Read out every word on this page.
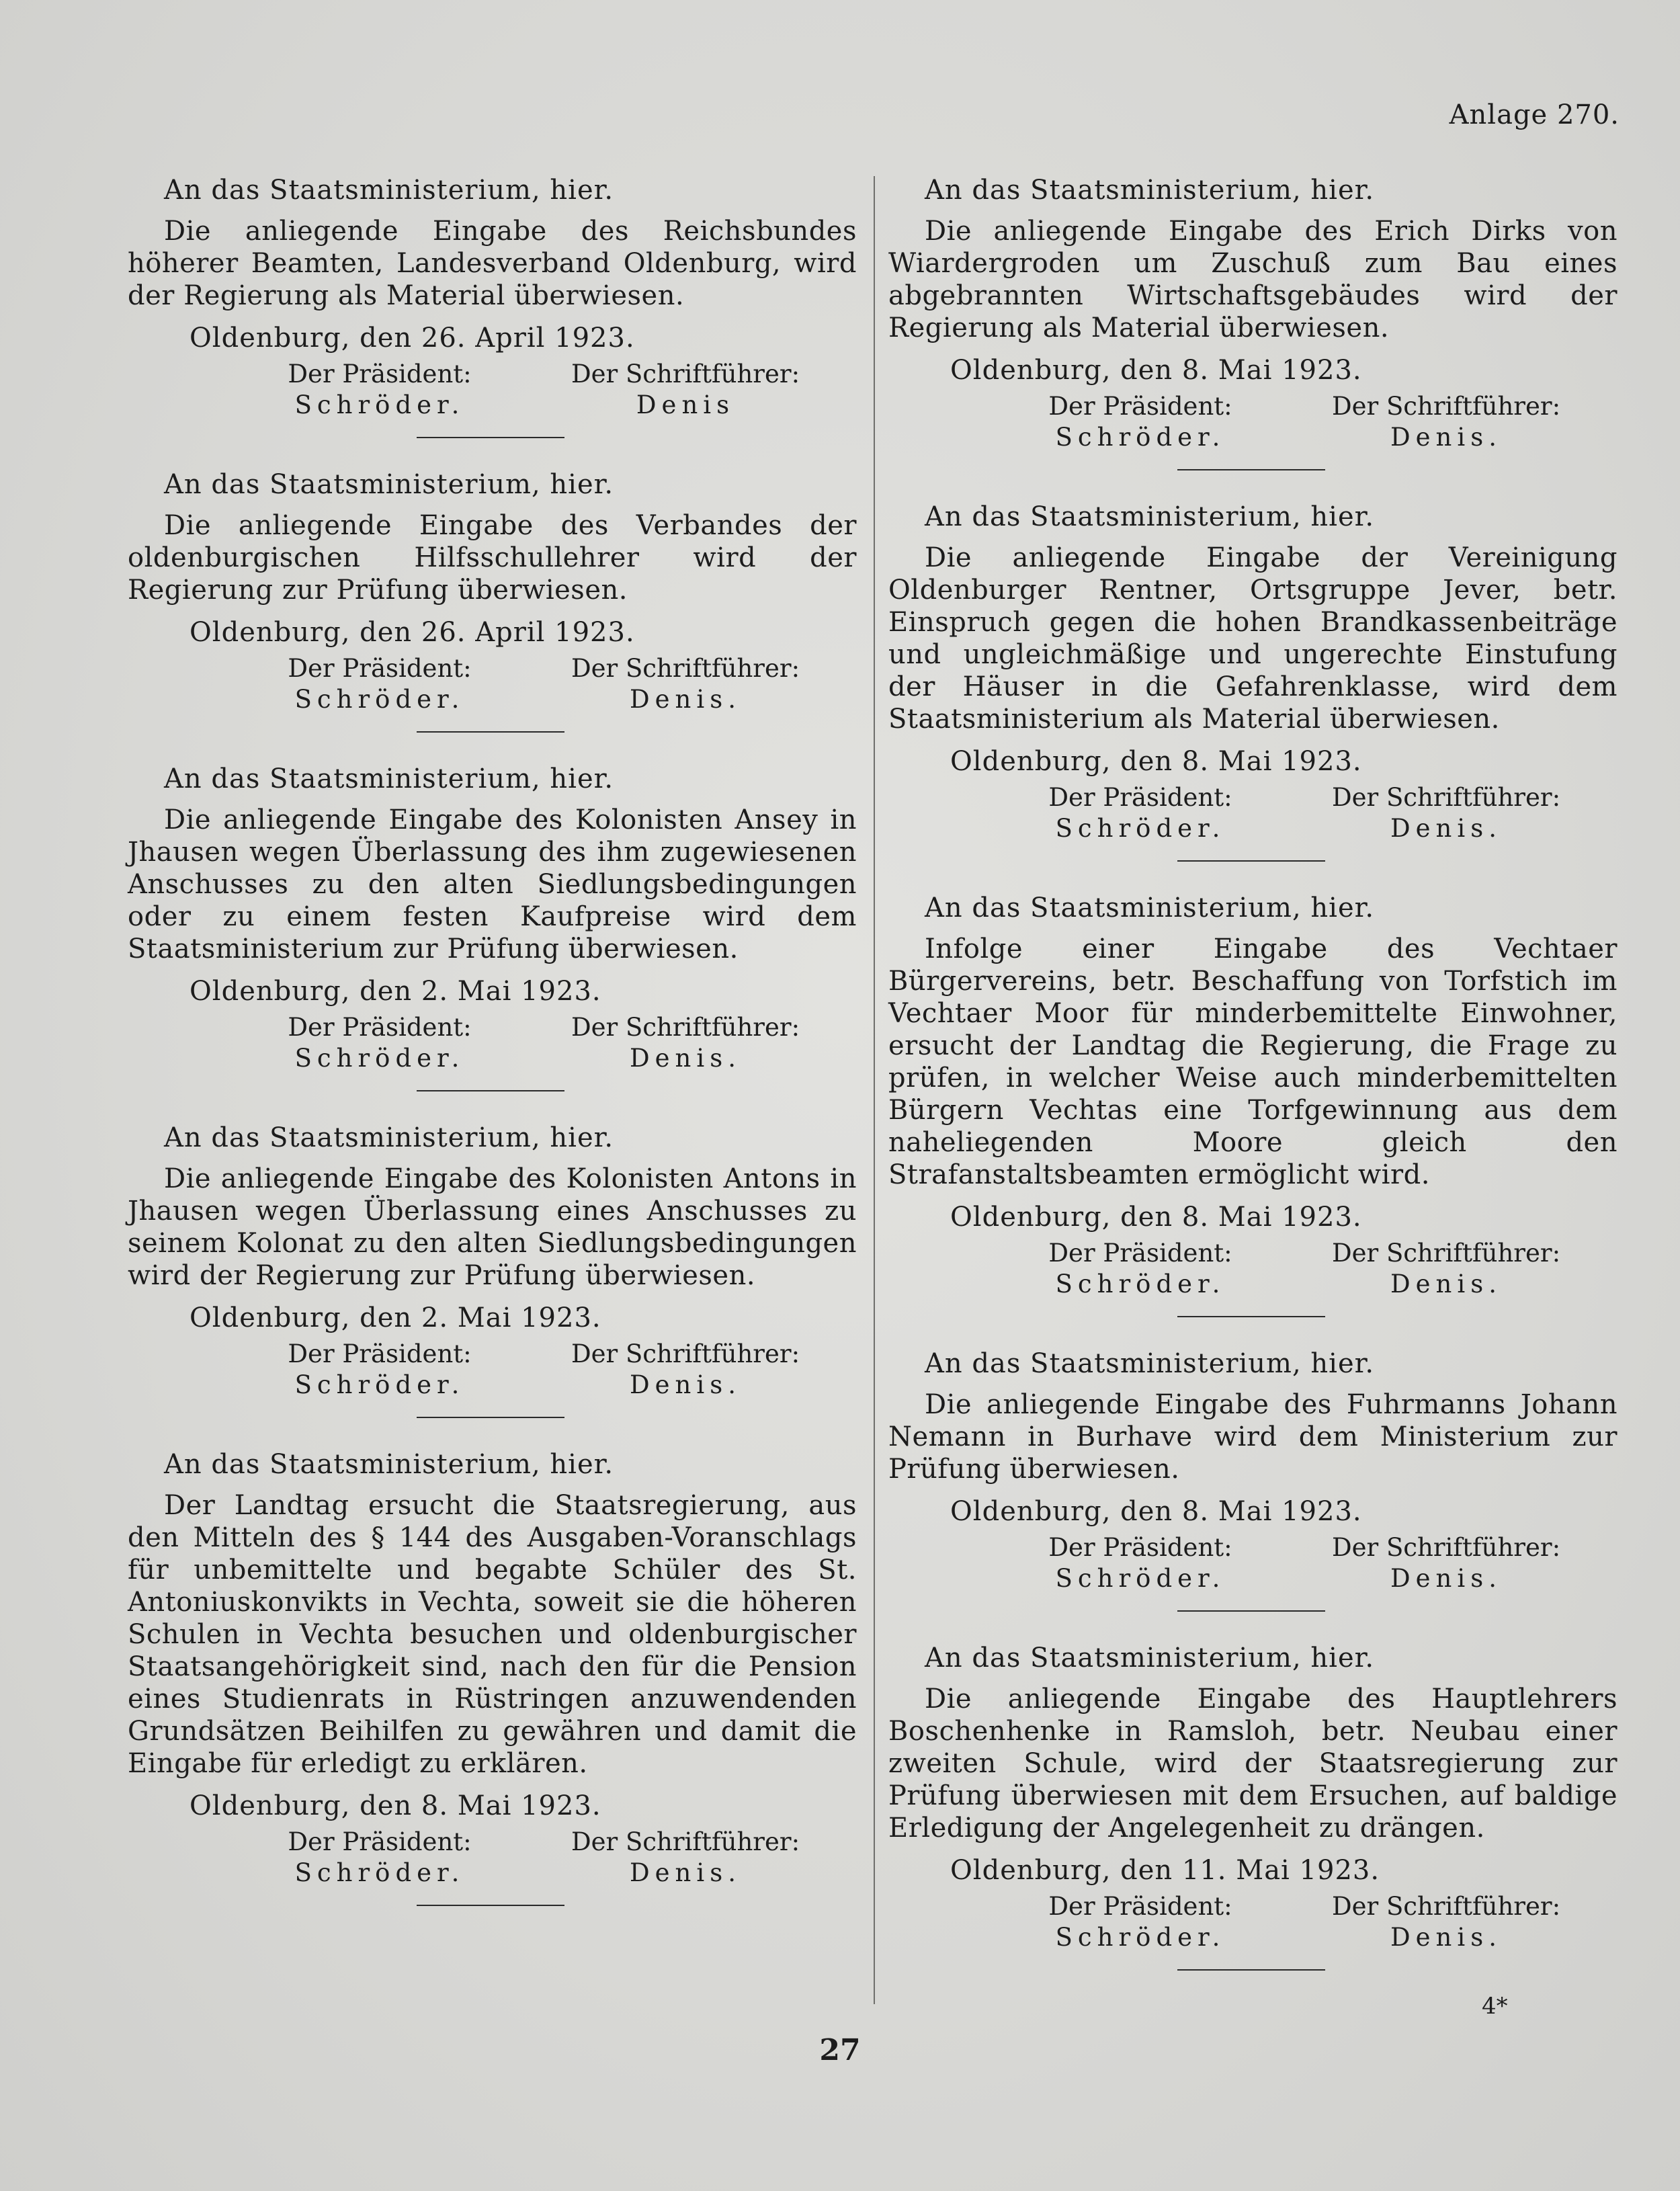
Anlage 270.
An das Staatsministerium, hier.

Die anliegende Eingabe des Reichsbundes höherer Beamten, Landesverband Oldenburg, wird der Regierung als Material überwiesen.

Oldenburg, den 26. April 1923.
Der Präsident:	Der Schriftführer:
Schröder.	Denis
An das Staatsministerium, hier.

Die anliegende Eingabe des Verbandes der oldenburgischen Hilfsschullehrer wird der Regierung zur Prüfung überwiesen.

Oldenburg, den 26. April 1923.
Der Präsident:	Der Schriftführer:
Schröder.	Denis.
An das Staatsministerium, hier.

Die anliegende Eingabe des Kolonisten Ansey in Jhausen wegen Überlassung des ihm zugewiesenen Anschusses zu den alten Siedlungsbedingungen oder zu einem festen Kaufpreise wird dem Staatsministerium zur Prüfung überwiesen.

Oldenburg, den 2. Mai 1923.
Der Präsident:	Der Schriftführer:
Schröder.	Denis.
An das Staatsministerium, hier.

Die anliegende Eingabe des Kolonisten Antons in Jhausen wegen Überlassung eines Anschusses zu seinem Kolonat zu den alten Siedlungsbedingungen wird der Regierung zur Prüfung überwiesen.

Oldenburg, den 2. Mai 1923.
Der Präsident:	Der Schriftführer:
Schröder.	Denis.
An das Staatsministerium, hier.

Der Landtag ersucht die Staatsregierung, aus den Mitteln des § 144 des Ausgaben-Voranschlags für unbemittelte und begabte Schüler des St. Antoniuskonvikts in Vechta, soweit sie die höheren Schulen in Vechta besuchen und oldenburgischer Staatsangehörigkeit sind, nach den für die Pension eines Studienrats in Rüstringen anzuwendenden Grundsätzen Beihilfen zu gewähren und damit die Eingabe für erledigt zu erklären.

Oldenburg, den 8. Mai 1923.
Der Präsident:	Der Schriftführer:
Schröder.	Denis.
An das Staatsministerium, hier.

Die anliegende Eingabe des Erich Dirks von Wiardergroden um Zuschuß zum Bau eines abgebrannten Wirtschaftsgebäudes wird der Regierung als Material überwiesen.

Oldenburg, den 8. Mai 1923.
Der Präsident:	Der Schriftführer:
Schröder.	Denis.
An das Staatsministerium, hier.

Die anliegende Eingabe der Vereinigung Oldenburger Rentner, Ortsgruppe Jever, betr. Einspruch gegen die hohen Brandkassenbeiträge und ungleichmäßige und ungerechte Einstufung der Häuser in die Gefahrenklasse, wird dem Staatsministerium als Material überwiesen.

Oldenburg, den 8. Mai 1923.
Der Präsident:	Der Schriftführer:
Schröder.	Denis.
An das Staatsministerium, hier.

Infolge einer Eingabe des Vechtaer Bürgervereins, betr. Beschaffung von Torfstich im Vechtaer Moor für minderbemittelte Einwohner, ersucht der Landtag die Regierung, die Frage zu prüfen, in welcher Weise auch minderbemittelten Bürgern Vechtas eine Torfgewinnung aus dem naheliegenden Moore gleich den Strafanstaltsbeamten ermöglicht wird.

Oldenburg, den 8. Mai 1923.
Der Präsident:	Der Schriftführer:
Schröder.	Denis.
An das Staatsministerium, hier.

Die anliegende Eingabe des Fuhrmanns Johann Nemann in Burhave wird dem Ministerium zur Prüfung überwiesen.

Oldenburg, den 8. Mai 1923.
Der Präsident:	Der Schriftführer:
Schröder.	Denis.
An das Staatsministerium, hier.

Die anliegende Eingabe des Hauptlehrers Boschenhenke in Ramsloh, betr. Neubau einer zweiten Schule, wird der Staatsregierung zur Prüfung überwiesen mit dem Ersuchen, auf baldige Erledigung der Angelegenheit zu drängen.

Oldenburg, den 11. Mai 1923.
Der Präsident:	Der Schriftführer:
Schröder.	Denis.
4*
27
